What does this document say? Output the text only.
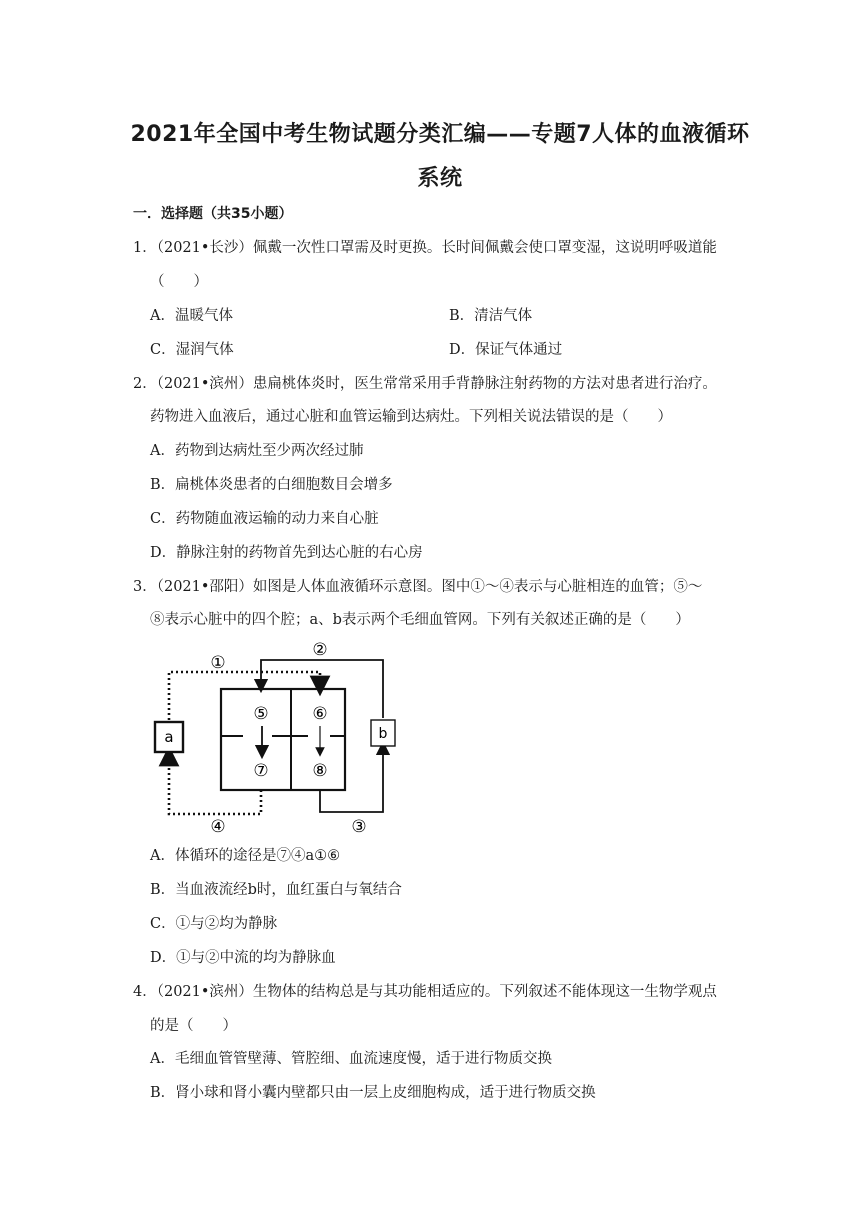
2021年全国中考生物试题分类汇编——专题7人体的血液循环
系统
一．选择题（共35小题）
1．（2021•长沙）佩戴一次性口罩需及时更换。长时间佩戴会使口罩变湿，这说明呼吸道能
（　　）
A．温暖气体	B．清洁气体
C．湿润气体	D．保证气体通过
2．（2021•滨州）患扁桃体炎时，医生常常采用手背静脉注射药物的方法对患者进行治疗。
药物进入血液后，通过心脏和血管运输到达病灶。下列相关说法错误的是（　　）
A．药物到达病灶至少两次经过肺
B．扁桃体炎患者的白细胞数目会增多
C．药物随血液运输的动力来自心脏
D．静脉注射的药物首先到达心脏的右心房
3．（2021•邵阳）如图是人体血液循环示意图。图中①～④表示与心脏相连的血管；⑤～
⑧表示心脏中的四个腔；a、b表示两个毛细血管网。下列有关叙述正确的是（　　）
a	b
①
②
⑤	⑥
⑦	⑧
④	③
A．体循环的途径是⑦④a①⑥
B．当血液流经b时，血红蛋白与氧结合
C．①与②均为静脉
D．①与②中流的均为静脉血
4．（2021•滨州）生物体的结构总是与其功能相适应的。下列叙述不能体现这一生物学观点
的是（　　）
A．毛细血管管壁薄、管腔细、血流速度慢，适于进行物质交换
B．肾小球和肾小囊内壁都只由一层上皮细胞构成，适于进行物质交换
